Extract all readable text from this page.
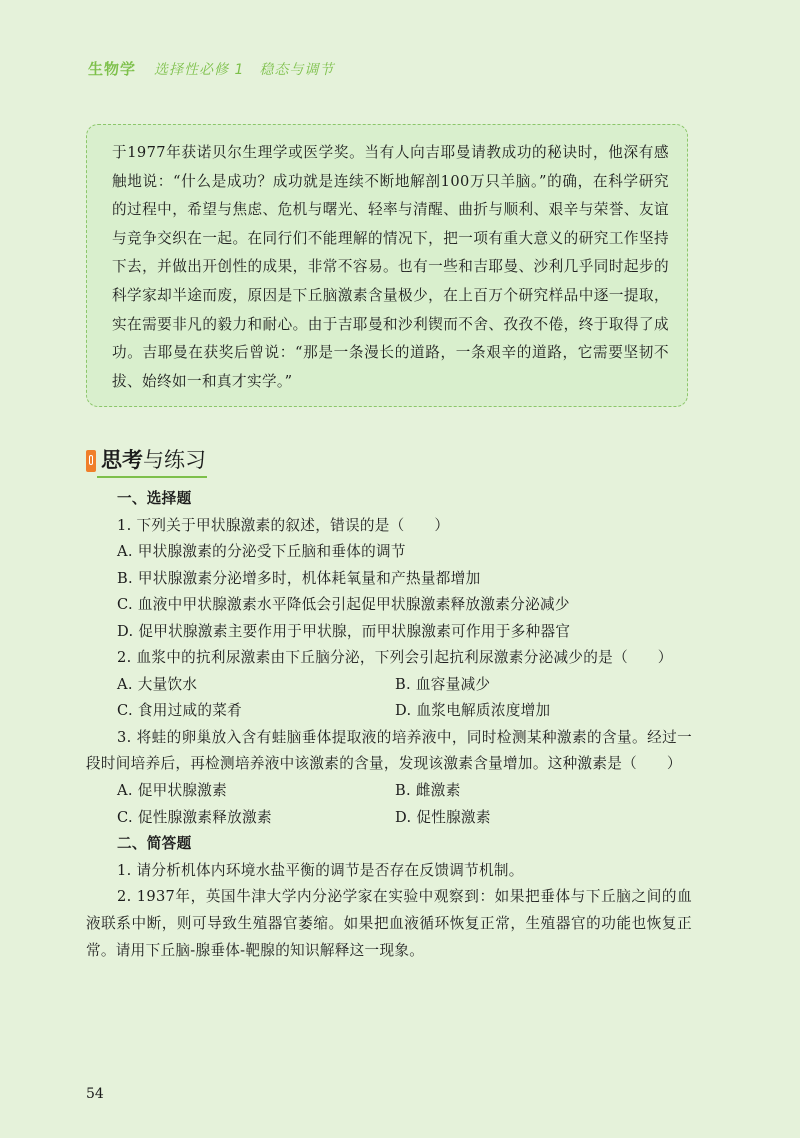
生物学 选择性必修 1　稳态与调节

于1977年获诺贝尔生理学或医学奖。当有人向吉耶曼请教成功的秘诀时，他深有感触地说：“什么是成功？成功就是连续不断地解剖100万只羊脑。”的确，在科学研究的过程中，希望与焦虑、危机与曙光、轻率与清醒、曲折与顺利、艰辛与荣誉、友谊与竞争交织在一起。在同行们不能理解的情况下，把一项有重大意义的研究工作坚持下去，并做出开创性的成果，非常不容易。也有一些和吉耶曼、沙利几乎同时起步的科学家却半途而废，原因是下丘脑激素含量极少，在上百万个研究样品中逐一提取，实在需要非凡的毅力和耐心。由于吉耶曼和沙利锲而不舍、孜孜不倦，终于取得了成功。吉耶曼在获奖后曾说：“那是一条漫长的道路，一条艰辛的道路，它需要坚韧不拔、始终如一和真才实学。”

思考与练习
一、选择题
1. 下列关于甲状腺激素的叙述，错误的是（　　）
A. 甲状腺激素的分泌受下丘脑和垂体的调节
B. 甲状腺激素分泌增多时，机体耗氧量和产热量都增加
C. 血液中甲状腺激素水平降低会引起促甲状腺激素释放激素分泌减少
D. 促甲状腺激素主要作用于甲状腺，而甲状腺激素可作用于多种器官
2. 血浆中的抗利尿激素由下丘脑分泌，下列会引起抗利尿激素分泌减少的是（　　）
A. 大量饮水	B. 血容量减少
C. 食用过咸的菜肴	D. 血浆电解质浓度增加

3. 将蛙的卵巢放入含有蛙脑垂体提取液的培养液中，同时检测某种激素的含量。经过一段时间培养后，再检测培养液中该激素的含量，发现该激素含量增加。这种激素是（　　）

A. 促甲状腺激素	B. 雌激素
C. 促性腺激素释放激素	D. 促性腺激素
二、简答题
1. 请分析机体内环境水盐平衡的调节是否存在反馈调节机制。

2. 1937年，英国牛津大学内分泌学家在实验中观察到：如果把垂体与下丘脑之间的血液联系中断，则可导致生殖器官萎缩。如果把血液循环恢复正常，生殖器官的功能也恢复正常。请用下丘脑-腺垂体-靶腺的知识解释这一现象。

54
